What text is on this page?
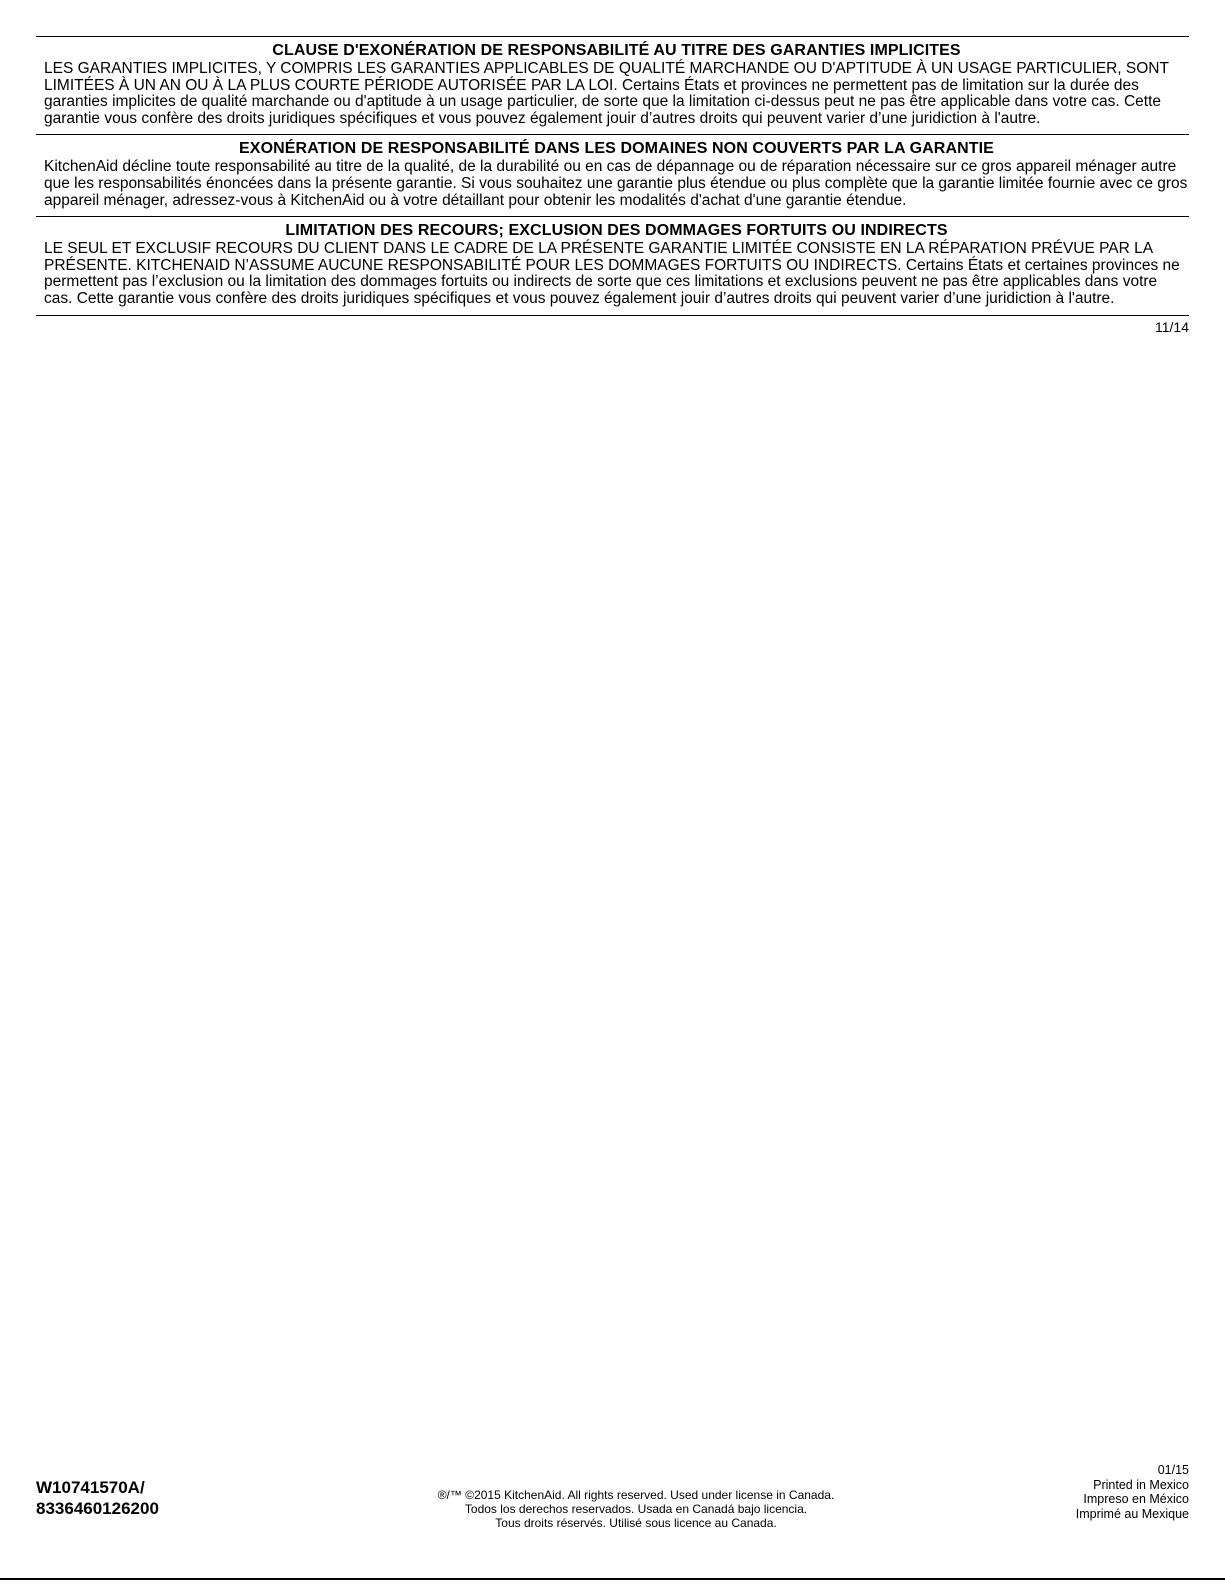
CLAUSE D'EXONÉRATION DE RESPONSABILITÉ AU TITRE DES GARANTIES IMPLICITES

LES GARANTIES IMPLICITES, Y COMPRIS LES GARANTIES APPLICABLES DE QUALITÉ MARCHANDE OU D'APTITUDE À UN USAGE PARTICULIER, SONT LIMITÉES À UN AN OU À LA PLUS COURTE PÉRIODE AUTORISÉE PAR LA LOI. Certains États et provinces ne permettent pas de limitation sur la durée des garanties implicites de qualité marchande ou d'aptitude à un usage particulier, de sorte que la limitation ci-dessus peut ne pas être applicable dans votre cas. Cette garantie vous confère des droits juridiques spécifiques et vous pouvez également jouir d’autres droits qui peuvent varier d’une juridiction à l'autre.

EXONÉRATION DE RESPONSABILITÉ DANS LES DOMAINES NON COUVERTS PAR LA GARANTIE

KitchenAid décline toute responsabilité au titre de la qualité, de la durabilité ou en cas de dépannage ou de réparation nécessaire sur ce gros appareil ménager autre que les responsabilités énoncées dans la présente garantie. Si vous souhaitez une garantie plus étendue ou plus complète que la garantie limitée fournie avec ce gros appareil ménager, adressez-vous à KitchenAid ou à votre détaillant pour obtenir les modalités d'achat d'une garantie étendue.

LIMITATION DES RECOURS; EXCLUSION DES DOMMAGES FORTUITS OU INDIRECTS

LE SEUL ET EXCLUSIF RECOURS DU CLIENT DANS LE CADRE DE LA PRÉSENTE GARANTIE LIMITÉE CONSISTE EN LA RÉPARATION PRÉVUE PAR LA PRÉSENTE. KITCHENAID N’ASSUME AUCUNE RESPONSABILITÉ POUR LES DOMMAGES FORTUITS OU INDIRECTS. Certains États et certaines provinces ne permettent pas l’exclusion ou la limitation des dommages fortuits ou indirects de sorte que ces limitations et exclusions peuvent ne pas être applicables dans votre cas. Cette garantie vous confère des droits juridiques spécifiques et vous pouvez également jouir d’autres droits qui peuvent varier d’une juridiction à l'autre.

11/14
W10741570A/
8336460126200
®/™ ©2015 KitchenAid. All rights reserved. Used under license in Canada.
Todos los derechos reservados. Usada en Canadá bajo licencia.
Tous droits réservés. Utilisé sous licence au Canada.
01/15
Printed in Mexico
Impreso en México
Imprimé au Mexique
